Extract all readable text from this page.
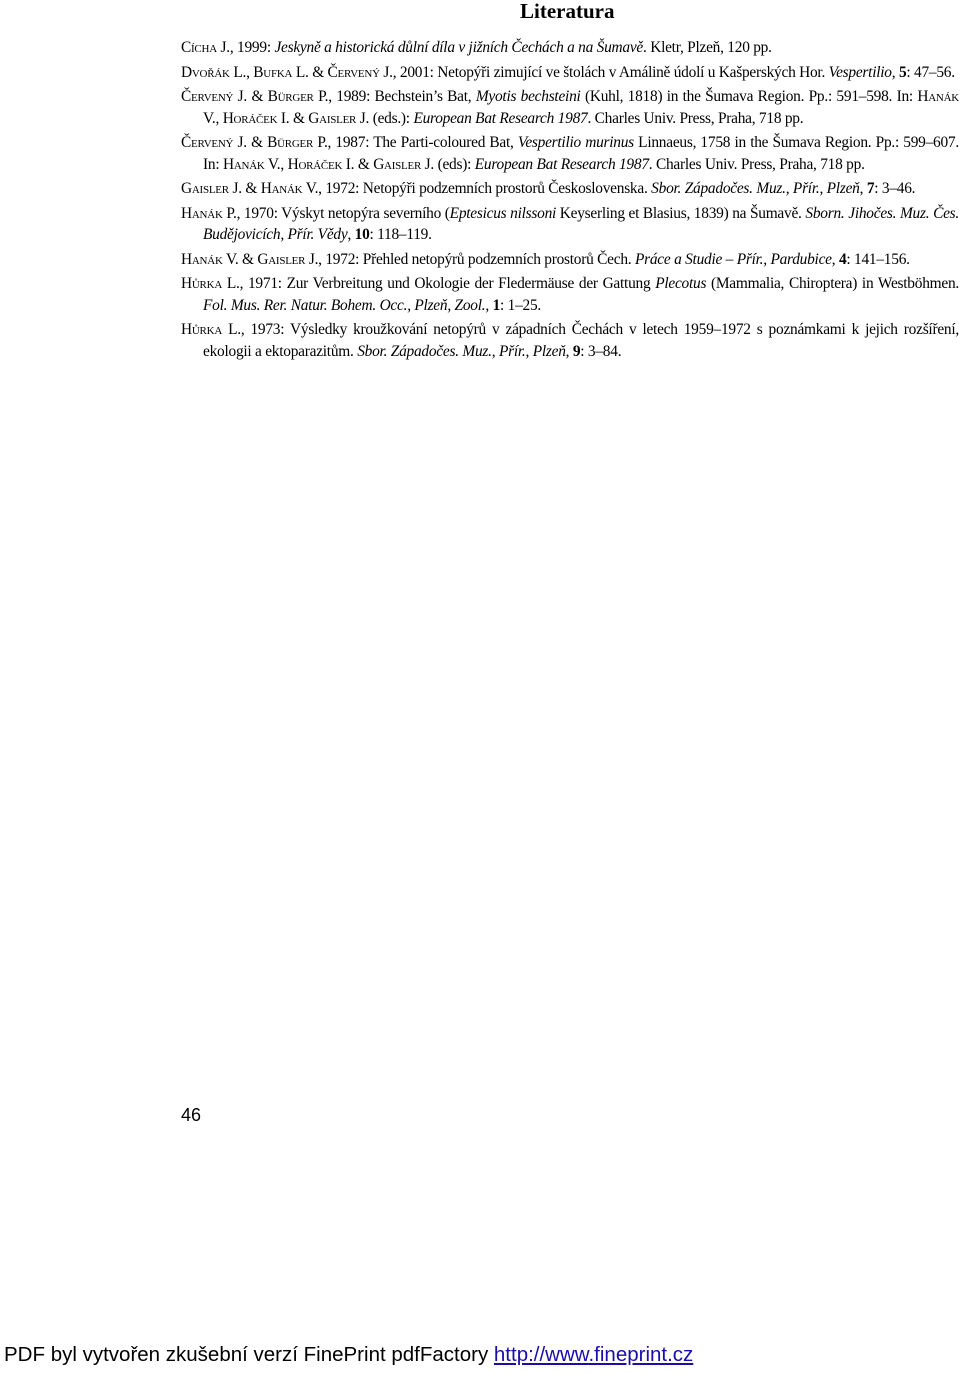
Literatura

Cícha J., 1999: Jeskyně a historická důlní díla v jižních Čechách a na Šumavě. Kletr, Plzeň, 120 pp.

Dvořák L., Bufka L. & Červený J., 2001: Netopýři zimující ve štolách v Amálině údolí u Kašperských Hor. Vespertilio, 5: 47–56.

Červený J. & Bürger P., 1989: Bechstein’s Bat, Myotis bechsteini (Kuhl, 1818) in the Šumava Region. Pp.: 591–598. In: Hanák V., Horáček I. & Gaisler J. (eds.): European Bat Research 1987. Charles Univ. Press, Praha, 718 pp.

Červený J. & Bürger P., 1987: The Parti-coloured Bat, Vespertilio murinus Linnaeus, 1758 in the Šumava Region. Pp.: 599–607. In: Hanák V., Horáček I. & Gaisler J. (eds): European Bat Research 1987. Charles Univ. Press, Praha, 718 pp.

Gaisler J. & Hanák V., 1972: Netopýři podzemních prostorů Československa. Sbor. Západočes. Muz., Přír., Plzeň, 7: 3–46.

Hanák P., 1970: Výskyt netopýra severního (Eptesicus nilssoni Keyserling et Blasius, 1839) na Šumavě. Sborn. Jihočes. Muz. Čes. Budějovicích, Přír. Vědy, 10: 118–119.

Hanák V. & Gaisler J., 1972: Přehled netopýrů podzemních prostorů Čech. Práce a Studie – Přír., Pardubice, 4: 141–156.

Hůrka L., 1971: Zur Verbreitung und Okologie der Fledermäuse der Gattung Plecotus (Mammalia, Chiroptera) in Westböhmen. Fol. Mus. Rer. Natur. Bohem. Occ., Plzeň, Zool., 1: 1–25.

Hůrka L., 1973: Výsledky kroužkování netopýrů v západních Čechách v letech 1959–1972 s poznámkami k jejich rozšíření, ekologii a ektoparazitům. Sbor. Západočes. Muz., Přír., Plzeň, 9: 3–84.

46
PDF byl vytvořen zkušební verzí FinePrint pdfFactory http://www.fineprint.cz
